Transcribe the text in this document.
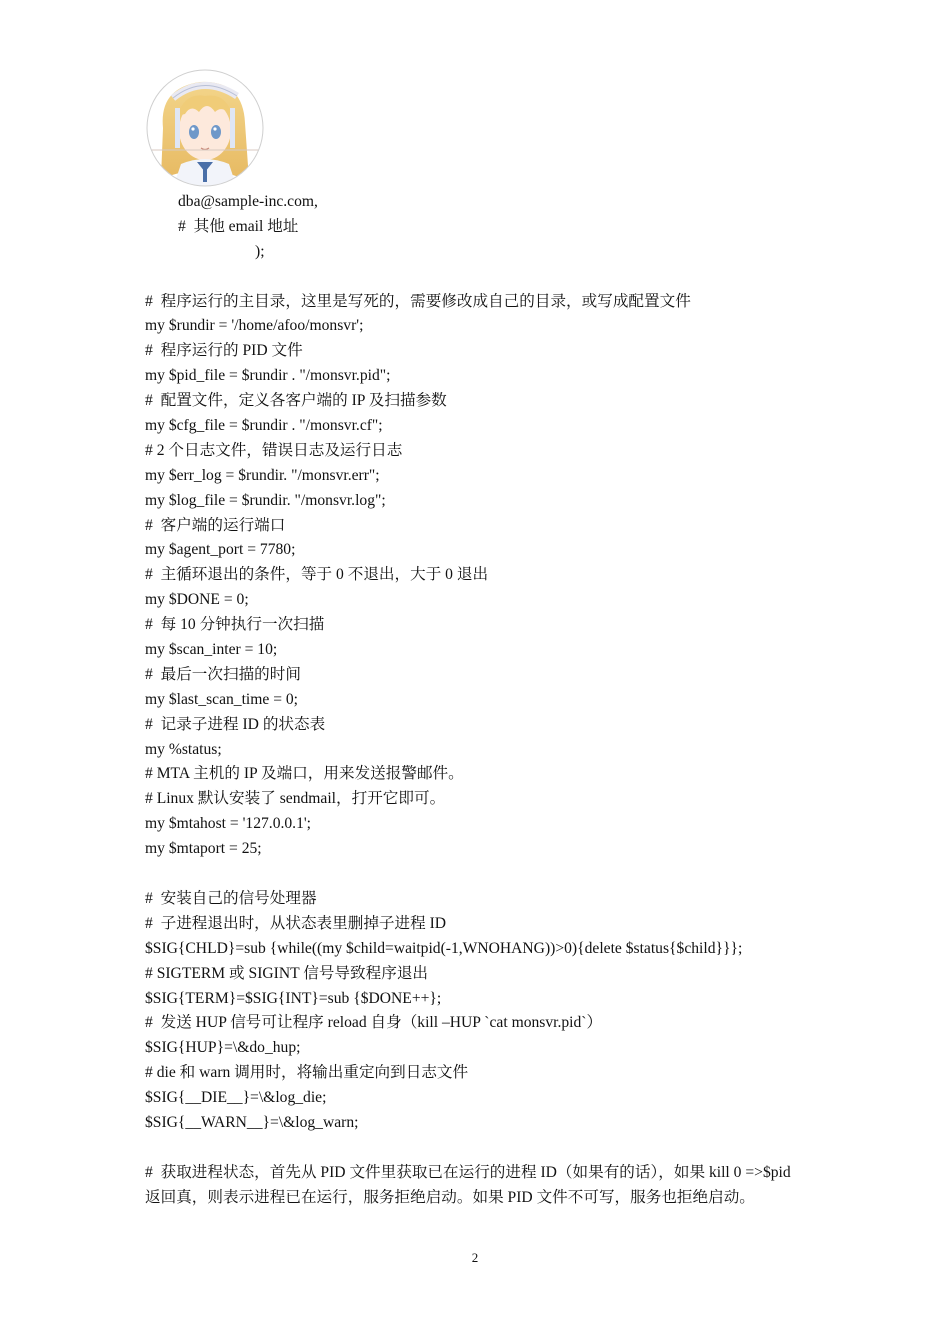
dba@sample-inc.com,
#  其他 email 地址
);
#  程序运行的主目录，这里是写死的，需要修改成自己的目录，或写成配置文件
my $rundir = '/home/afoo/monsvr';
#  程序运行的 PID 文件
my $pid_file = $rundir . "/monsvr.pid";
#  配置文件，定义各客户端的 IP 及扫描参数
my $cfg_file = $rundir . "/monsvr.cf";
# 2 个日志文件，错误日志及运行日志
my $err_log = $rundir. "/monsvr.err";
my $log_file = $rundir. "/monsvr.log";
#  客户端的运行端口
my $agent_port = 7780;
#  主循环退出的条件，等于 0 不退出，大于 0 退出
my $DONE = 0;
#  每 10 分钟执行一次扫描
my $scan_inter = 10;
#  最后一次扫描的时间
my $last_scan_time = 0;
#  记录子进程 ID 的状态表
my %status;
# MTA 主机的 IP 及端口，用来发送报警邮件。
# Linux 默认安装了 sendmail，打开它即可。
my $mtahost = '127.0.0.1';
my $mtaport = 25;
#  安装自己的信号处理器
#  子进程退出时，从状态表里删掉子进程 ID
$SIG{CHLD}=sub {while((my $child=waitpid(-1,WNOHANG))>0){delete $status{$child}}};
# SIGTERM 或 SIGINT 信号导致程序退出
$SIG{TERM}=$SIG{INT}=sub {$DONE++};
#  发送 HUP 信号可让程序 reload 自身（kill –HUP `cat monsvr.pid`）
$SIG{HUP}=\&do_hup;
# die 和 warn 调用时，将输出重定向到日志文件
$SIG{__DIE__}=\&log_die;
$SIG{__WARN__}=\&log_warn;
#  获取进程状态，首先从 PID 文件里获取已在运行的进程 ID（如果有的话），如果 kill 0 =>$pid
返回真，则表示进程已在运行，服务拒绝启动。如果 PID 文件不可写，服务也拒绝启动。
2
